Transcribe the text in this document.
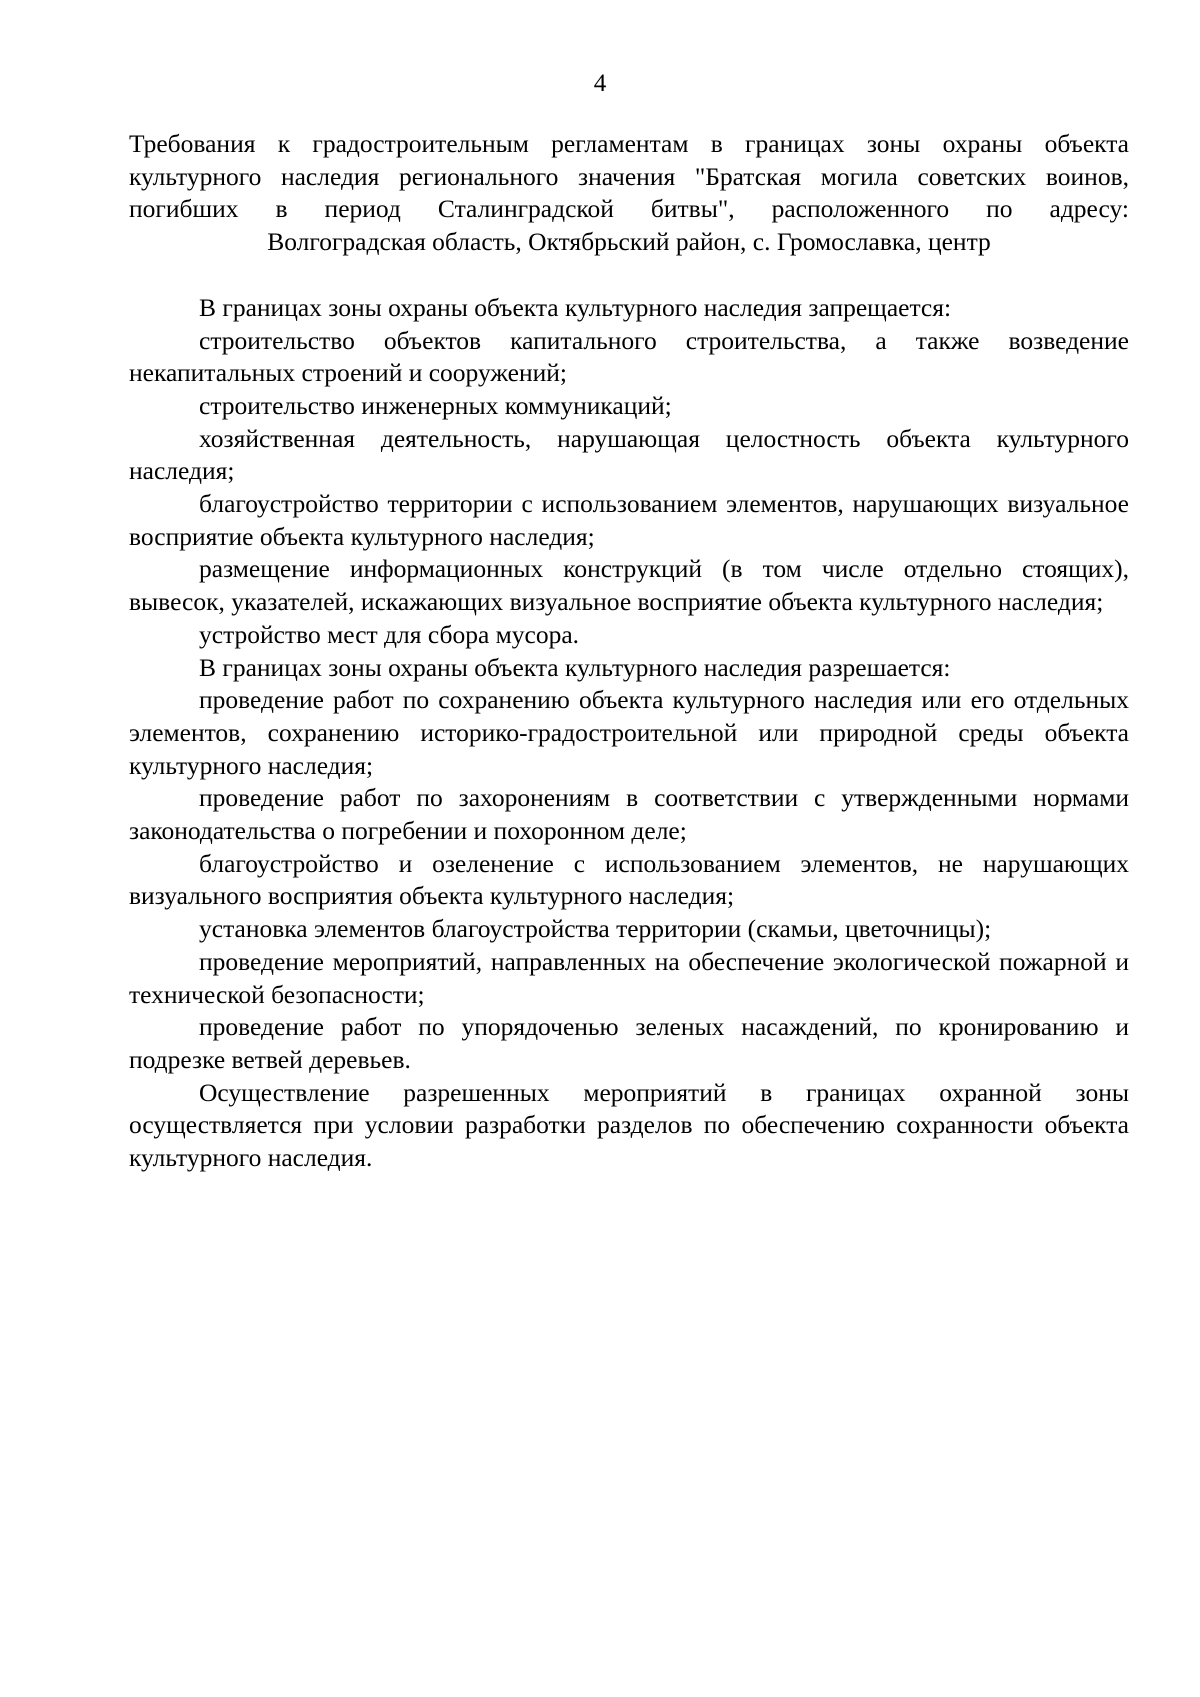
4

Требования к градостроительным регламентам в границах зоны охраны объекта

культурного наследия регионального значения "Братская могила советских воинов,

погибших в период Сталинградской битвы", расположенного по адресу:

Волгоградская область, Октябрьский район, с. Громославка, центр

В границах зоны охраны объекта культурного наследия запрещается:

строительство объектов капитального строительства, а также возведение некапитальных строений и сооружений;

строительство инженерных коммуникаций;

хозяйственная деятельность, нарушающая целостность объекта культурного наследия;

благоустройство территории с использованием элементов, нарушающих визуальное восприятие объекта культурного наследия;

размещение информационных конструкций (в том числе отдельно стоящих), вывесок, указателей, искажающих визуальное восприятие объекта культурного наследия;

устройство мест для сбора мусора.

В границах зоны охраны объекта культурного наследия разрешается:

проведение работ по сохранению объекта культурного наследия или его отдельных элементов, сохранению историко-градостроительной или природной среды объекта культурного наследия;

проведение работ по захоронениям в соответствии с утвержденными нормами законодательства о погребении и похоронном деле;

благоустройство и озеленение с использованием элементов, не нарушающих визуального восприятия объекта культурного наследия;

установка элементов благоустройства территории (скамьи, цветочницы);

проведение мероприятий, направленных на обеспечение экологической пожарной и технической безопасности;

проведение работ по упорядоченью зеленых насаждений, по кронированию и подрезке ветвей деревьев.

Осуществление разрешенных мероприятий в границах охранной зоны осуществляется при условии разработки разделов по обеспечению сохранности объекта культурного наследия.
